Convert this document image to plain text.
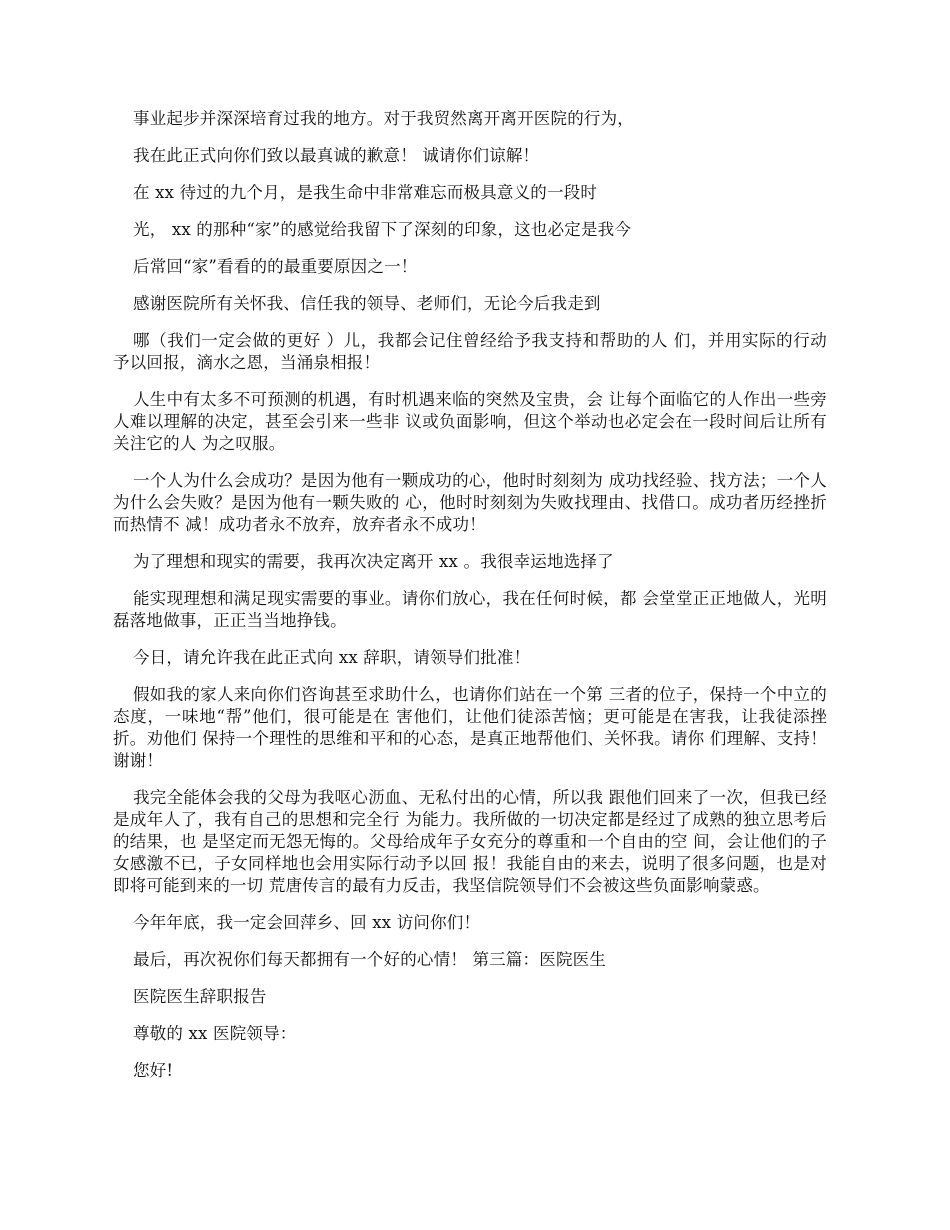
事业起步并深深培育过我的地方。对于我贸然离开离开医院的行为，

我在此正式向你们致以最真诚的歉意！ 诚请你们谅解！

在 xx 待过的九个月，是我生命中非常难忘而极具意义的一段时

光， xx 的那种“家”的感觉给我留下了深刻的印象，这也必定是我今

后常回“家”看看的的最重要原因之一！

感谢医院所有关怀我、信任我的领导、老师们，无论今后我走到

哪（我们一定会做的更好 ）儿，我都会记住曾经给予我支持和帮助的人 们，并用实际的行动予以回报，滴水之恩，当涌泉相报！

人生中有太多不可预测的机遇，有时机遇来临的突然及宝贵，会 让每个面临它的人作出一些旁人难以理解的决定，甚至会引来一些非 议或负面影响，但这个举动也必定会在一段时间后让所有关注它的人 为之叹服。

一个人为什么会成功？是因为他有一颗成功的心，他时时刻刻为 成功找经验、找方法；一个人为什么会失败？是因为他有一颗失败的 心，他时时刻刻为失败找理由、找借口。成功者历经挫折而热情不 减！成功者永不放弃，放弃者永不成功！

为了理想和现实的需要，我再次决定离开 xx 。我很幸运地选择了

能实现理想和满足现实需要的事业。请你们放心，我在任何时候，都 会堂堂正正地做人，光明磊落地做事，正正当当地挣钱。

今日，请允许我在此正式向 xx 辞职，请领导们批准！

假如我的家人来向你们咨询甚至求助什么，也请你们站在一个第 三者的位子，保持一个中立的态度，一味地“帮”他们，很可能是在 害他们，让他们徒添苦恼；更可能是在害我，让我徒添挫折。劝他们 保持一个理性的思维和平和的心态，是真正地帮他们、关怀我。请你 们理解、支持！谢谢！

我完全能体会我的父母为我呕心沥血、无私付出的心情，所以我 跟他们回来了一次，但我已经是成年人了，我有自己的思想和完全行 为能力。我所做的一切决定都是经过了成熟的独立思考后的结果，也 是坚定而无怨无悔的。父母给成年子女充分的尊重和一个自由的空 间，会让他们的子女感激不已，子女同样地也会用实际行动予以回 报！我能自由的来去，说明了很多问题，也是对即将可能到来的一切 荒唐传言的最有力反击，我坚信院领导们不会被这些负面影响蒙惑。

今年年底，我一定会回萍乡、回 xx 访问你们！

最后，再次祝你们每天都拥有一个好的心情！ 第三篇：医院医生

医院医生辞职报告

尊敬的 xx 医院领导：

您好!
